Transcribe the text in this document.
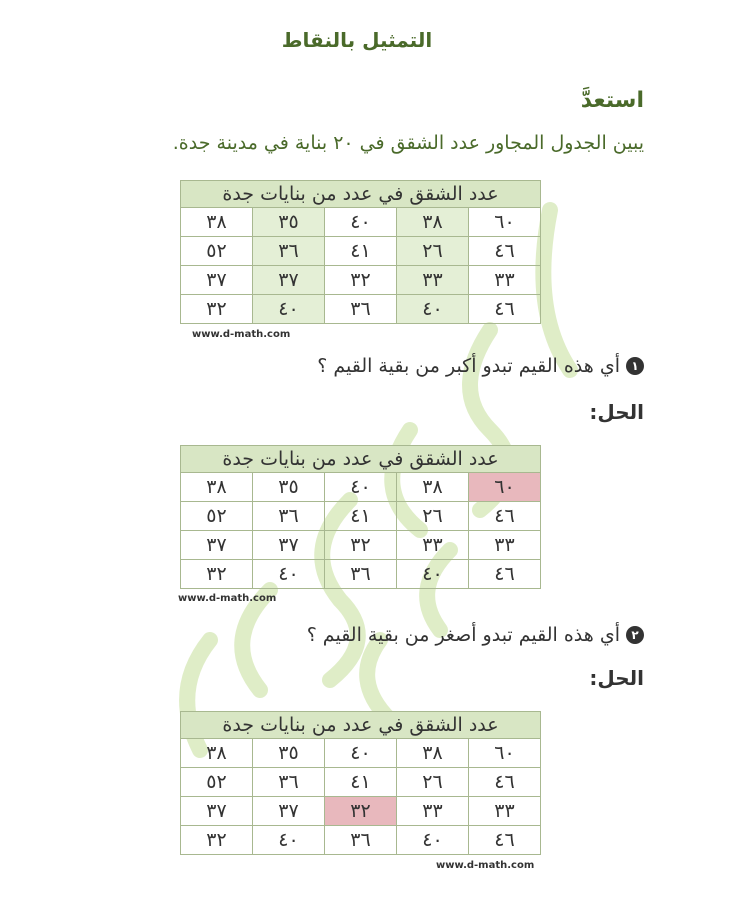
التمثيل بالنقاط
استعدَّ
يبين الجدول المجاور عدد الشقق في ٢٠ بناية في مدينة جدة.
عدد الشقق في عدد من بنايات جدة				
٦٠	٣٨	٤٠	٣٥	٣٨
٤٦	٢٦	٤١	٣٦	٥٢
٣٣	٣٣	٣٢	٣٧	٣٧
٤٦	٤٠	٣٦	٤٠	٣٢
www.d-math.com
١
أي هذه القيم تبدو أكبر من بقية القيم ؟
الحل:
عدد الشقق في عدد من بنايات جدة				
٦٠	٣٨	٤٠	٣٥	٣٨
٤٦	٢٦	٤١	٣٦	٥٢
٣٣	٣٣	٣٢	٣٧	٣٧
٤٦	٤٠	٣٦	٤٠	٣٢
www.d-math.com
٢
أي هذه القيم تبدو أصغر من بقية القيم ؟
الحل:
عدد الشقق في عدد من بنايات جدة				
٦٠	٣٨	٤٠	٣٥	٣٨
٤٦	٢٦	٤١	٣٦	٥٢
٣٣	٣٣	٣٢	٣٧	٣٧
٤٦	٤٠	٣٦	٤٠	٣٢
www.d-math.com
